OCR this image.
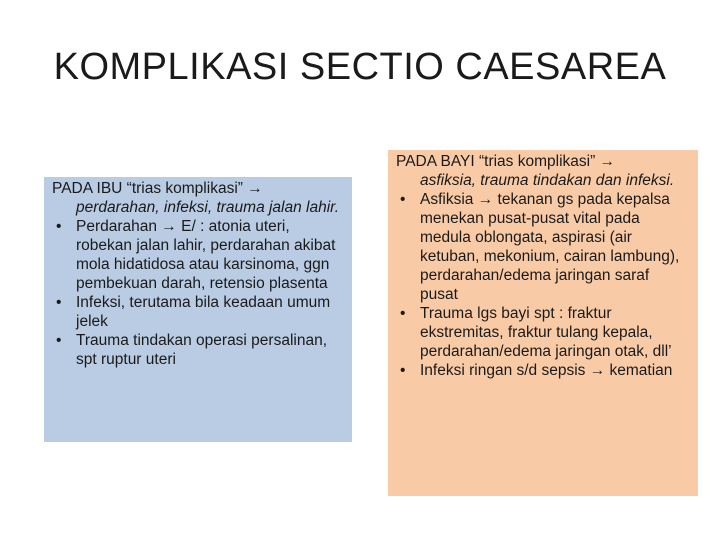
KOMPLIKASI SECTIO CAESAREA

PADA IBU “trias komplikasi” →

perdarahan, infeksi, trauma jalan lahir.

• Perdarahan → E/ : atonia uteri, robekan jalan lahir, perdarahan akibat mola hidatidosa atau karsinoma, ggn pembekuan darah, retensio plasenta
• Infeksi, terutama bila keadaan umum jelek
• Trauma tindakan operasi persalinan, spt ruptur uteri

PADA BAYI “trias komplikasi” →

asfiksia, trauma tindakan dan infeksi.

• Asfiksia → tekanan gs pada kepalsa menekan pusat-pusat vital pada medula oblongata, aspirasi (air ketuban, mekonium, cairan lambung), perdarahan/edema jaringan saraf pusat
• Trauma lgs bayi spt : fraktur ekstremitas, fraktur tulang kepala, perdarahan/edema jaringan otak, dll’
• Infeksi ringan s/d sepsis → kematian
